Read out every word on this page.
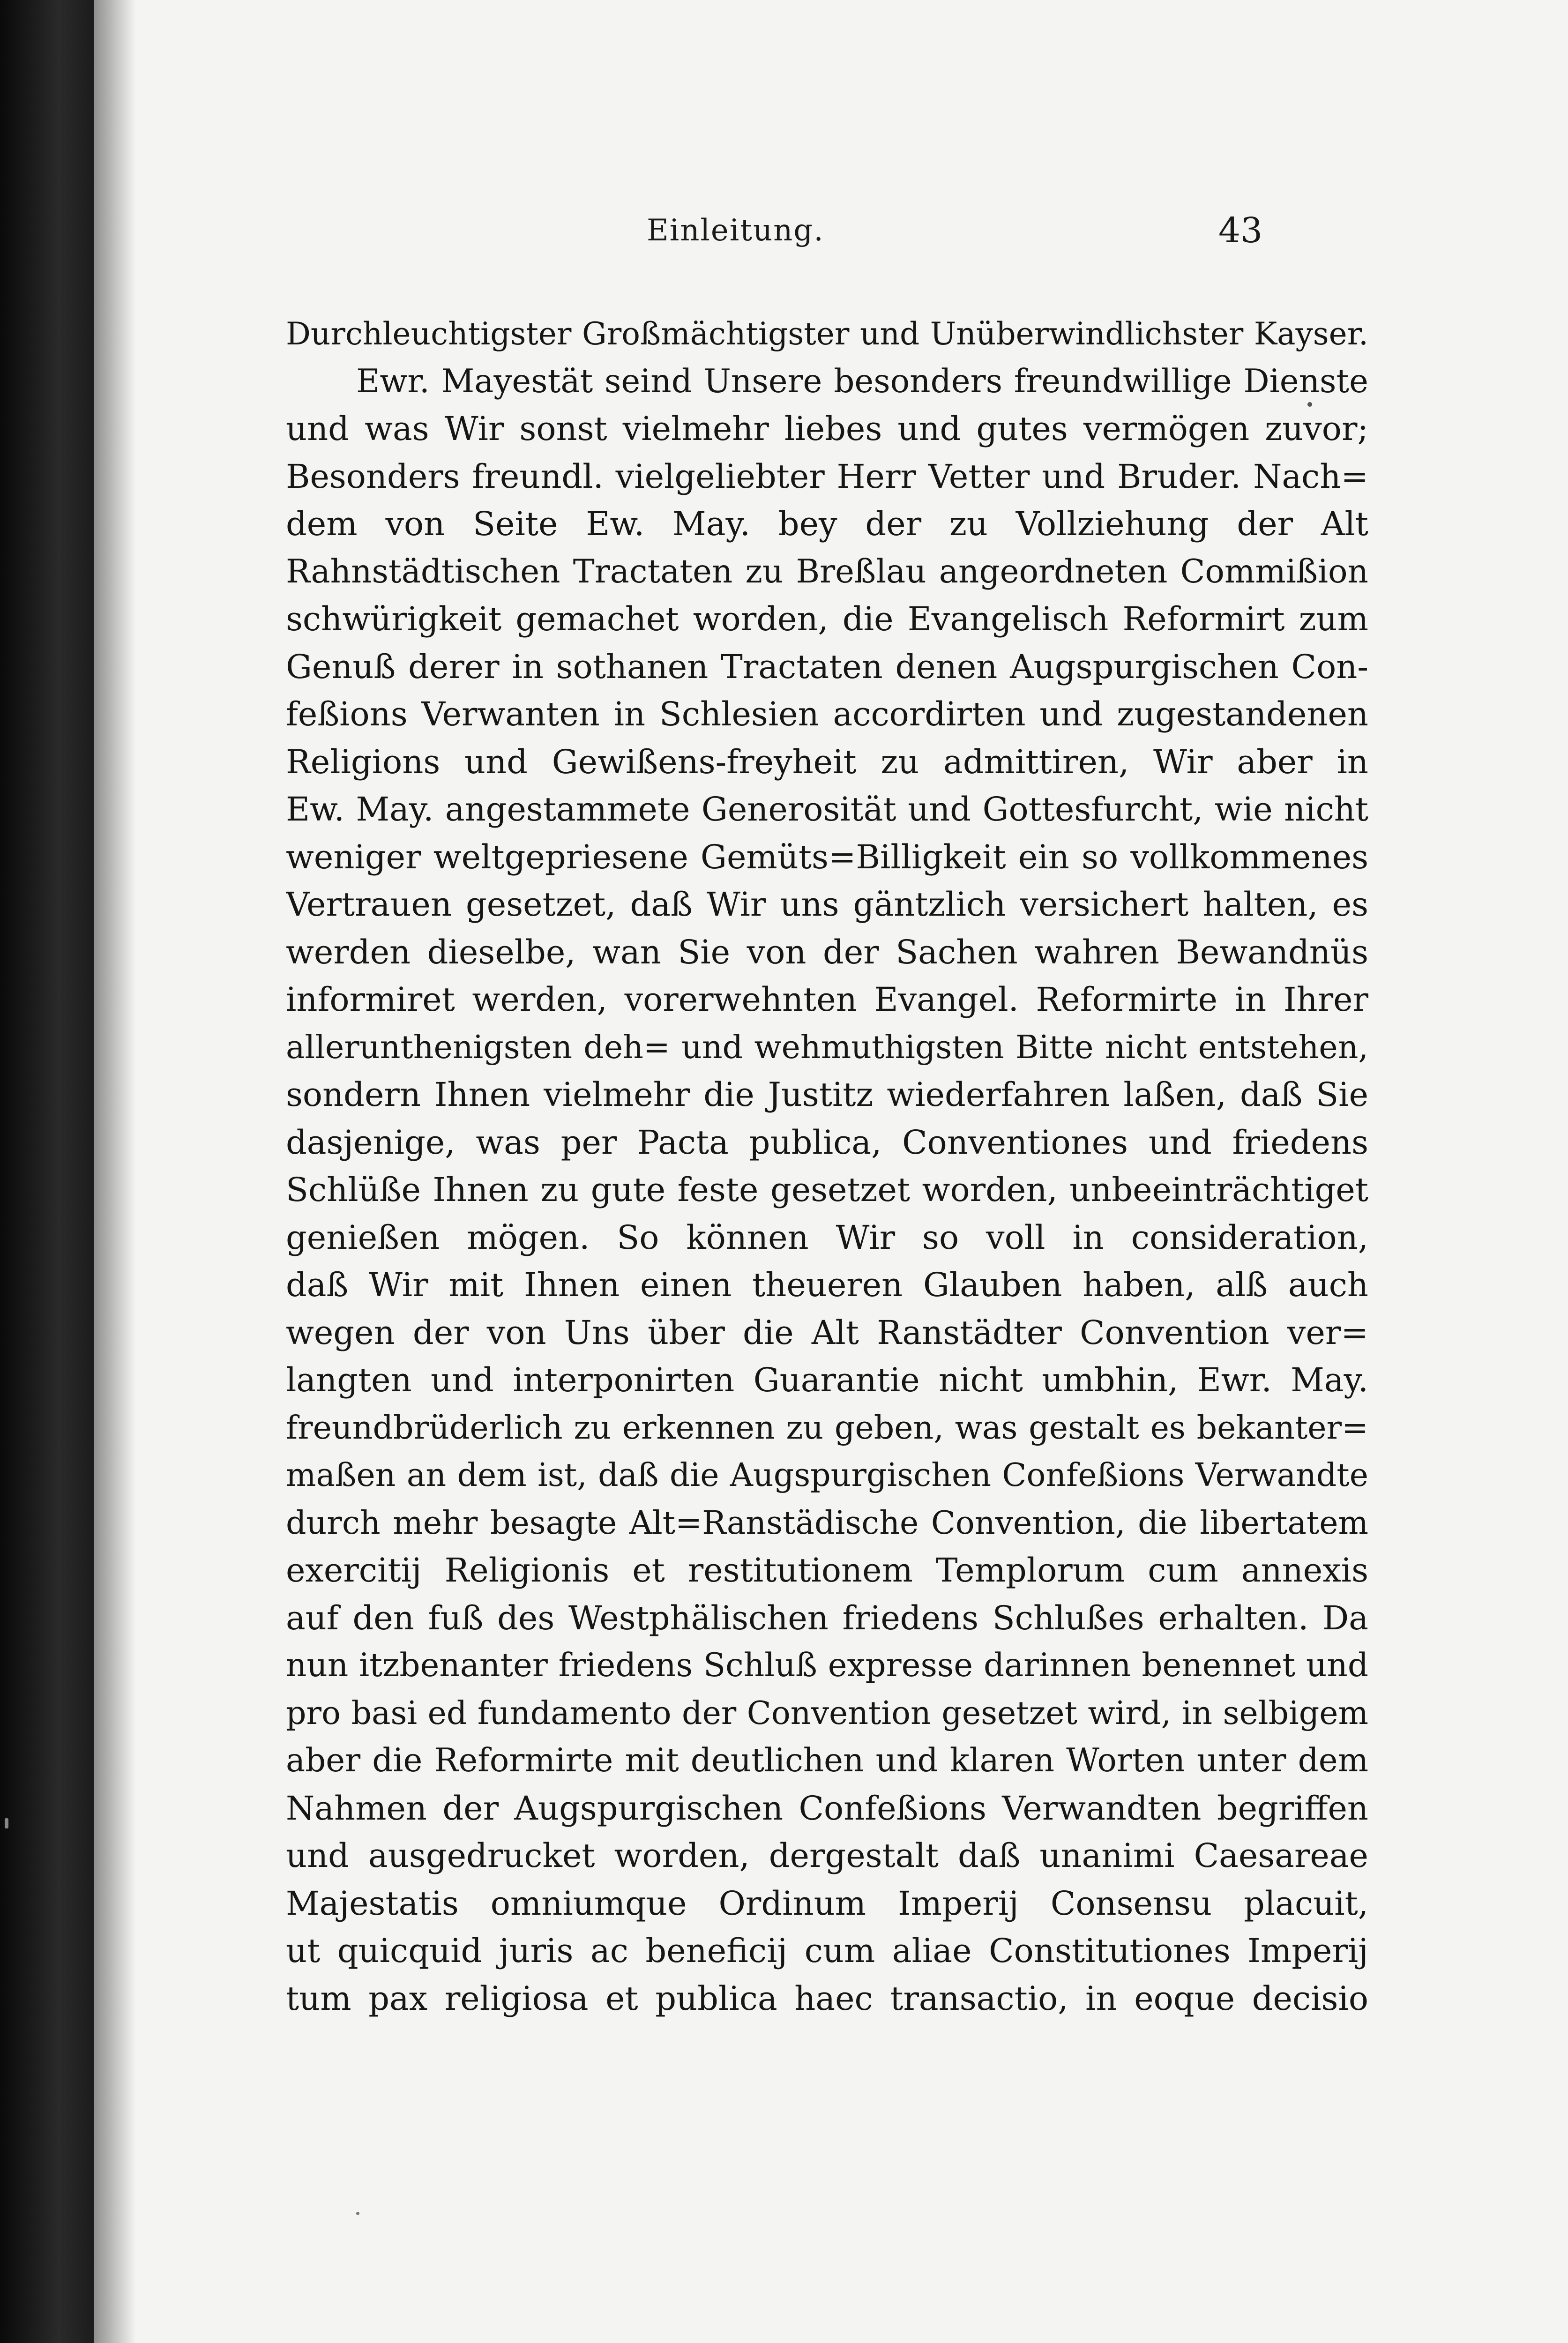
Einleitung.	43
Durchleuchtigster Großmächtigster und Unüberwindlichster Kayser.
Ewr. Mayestät seind Unsere besonders freundwillige Dienste
und was Wir sonst vielmehr liebes und gutes vermögen zuvor;
Besonders freundl. vielgeliebter Herr Vetter und Bruder. Nach=
dem von Seite Ew. May. bey der zu Vollziehung der Alt
Rahnstädtischen Tractaten zu Breßlau angeordneten Commißion
schwürigkeit gemachet worden, die Evangelisch Reformirt zum
Genuß derer in sothanen Tractaten denen Augspurgischen Con-
feßions Verwanten in Schlesien accordirten und zugestandenen
Religions und Gewißens-freyheit zu admittiren, Wir aber in
Ew. May. angestammete Generosität und Gottesfurcht, wie nicht
weniger weltgepriesene Gemüts=Billigkeit ein so vollkommenes
Vertrauen gesetzet, daß Wir uns gäntzlich versichert halten, es
werden dieselbe, wan Sie von der Sachen wahren Bewandnüs
informiret werden, vorerwehnten Evangel. Reformirte in Ihrer
allerunthenigsten deh= und wehmuthigsten Bitte nicht entstehen,
sondern Ihnen vielmehr die Justitz wiederfahren laßen, daß Sie
dasjenige, was per Pacta publica, Conventiones und friedens
Schlüße Ihnen zu gute feste gesetzet worden, unbeeinträchtiget
genießen mögen. So können Wir so voll in consideration,
daß Wir mit Ihnen einen theueren Glauben haben, alß auch
wegen der von Uns über die Alt Ranstädter Convention ver=
langten und interponirten Guarantie nicht umbhin, Ewr. May.
freundbrüderlich zu erkennen zu geben, was gestalt es bekanter=
maßen an dem ist, daß die Augspurgischen Confeßions Verwandte
durch mehr besagte Alt=Ranstädische Convention, die libertatem
exercitij Religionis et restitutionem Templorum cum annexis
auf den fuß des Westphälischen friedens Schlußes erhalten. Da
nun itzbenanter friedens Schluß expresse darinnen benennet und
pro basi ed fundamento der Convention gesetzet wird, in selbigem
aber die Reformirte mit deutlichen und klaren Worten unter dem
Nahmen der Augspurgischen Confeßions Verwandten begriffen
und ausgedrucket worden, dergestalt daß unanimi Caesareae
Majestatis omniumque Ordinum Imperij Consensu placuit,
ut quicquid juris ac beneficij cum aliae Constitutiones Imperij
tum pax religiosa et publica haec transactio, in eoque decisio
